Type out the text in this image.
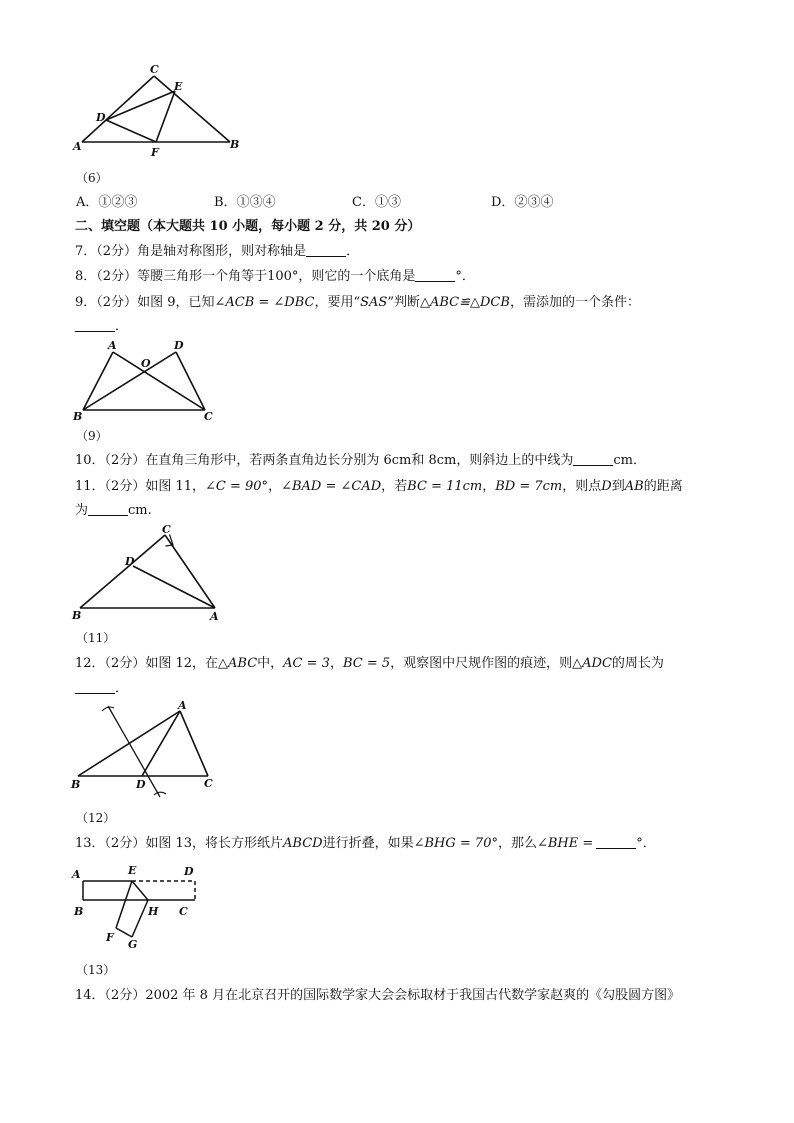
C
E
D
A	F
B
（6）
A．①②③	B．①③④	C．①③	D．②③④
二、填空题（本大题共 10 小题，每小题 2 分，共 20 分）
7．（2分）角是轴对称图形，则对称轴是	．
8．（2分）等腰三角形一个角等于100°，则它的一个底角是	°．
9．（2分）如图 9，已知∠ACB = ∠DBC，要用“SAS”判断△ABC≌△DCB，需添加的一个条件：
．
A
O
D
B	C
（9）
10．（2分）在直角三角形中，若两条直角边长分别为 6cm和 8cm，则斜边上的中线为	cm．
11．（2分）如图 11，∠C = 90°，∠BAD = ∠CAD，若BC = 11cm，BD = 7cm，则点D到AB的距离
为	cm.
C
D
B	A
（11）
12．（2分）如图 12，在△ABC中，AC = 3，BC = 5，观察图中尺规作图的痕迹，则△ADC的周长为
．
A
B	D	C
（12）
13．（2分）如图 13，将长方形纸片ABCD进行折叠，如果∠BHG = 70°，那么∠BHE =	°．
A	E	D
B	H C
F
G
（13）
14．（2分）2002 年 8 月在北京召开的国际数学家大会会标取材于我国古代数学家赵爽的《勾股圆方图》
